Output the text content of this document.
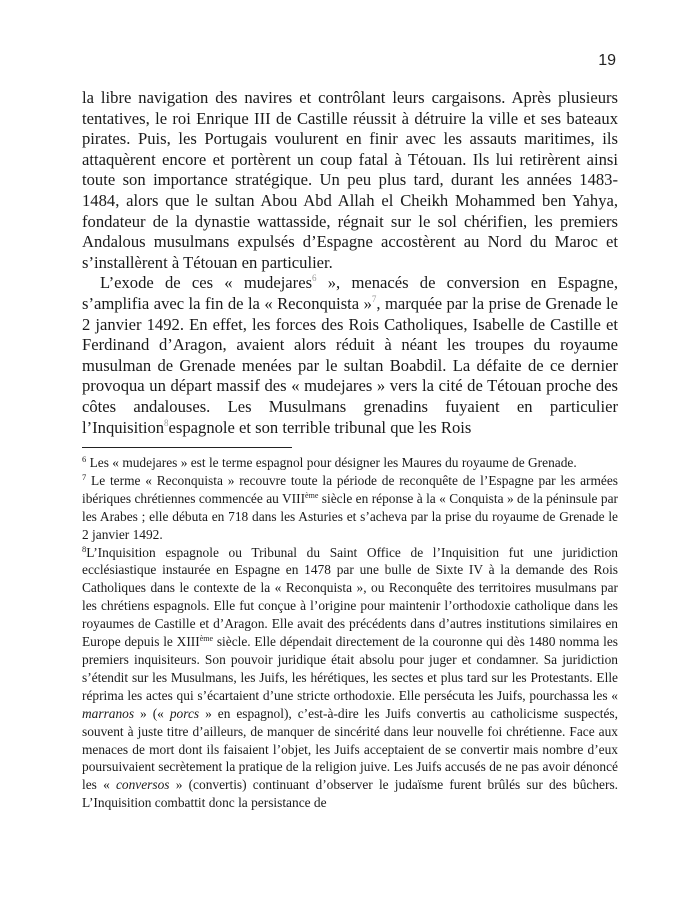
19

la libre navigation des navires et contrôlant leurs cargaisons. Après plusieurs tentatives, le roi Enrique III de Castille réussit à détruire la ville et ses bateaux pirates. Puis, les Portugais voulurent en finir avec les assauts maritimes, ils attaquèrent encore et portèrent un coup fatal à Tétouan. Ils lui retirèrent ainsi toute son importance stratégique. Un peu plus tard, durant les années 1483-1484, alors que le sultan Abou Abd Allah el Cheikh Mohammed ben Yahya, fondateur de la dynastie wattasside, régnait sur le sol chérifien, les premiers Andalous musulmans expulsés d’Espagne accostèrent au Nord du Maroc et s’installèrent à Tétouan en particulier.

L’exode de ces « mudejares$^6$ », menacés de conversion en Espagne, s’amplifia avec la fin de la « Reconquista »$^7$, marquée par la prise de Grenade le 2 janvier 1492. En effet, les forces des Rois Catholiques, Isabelle de Castille et Ferdinand d’Aragon, avaient alors réduit à néant les troupes du royaume musulman de Grenade menées par le sultan Boabdil. La défaite de ce dernier provoqua un départ massif des « mudejares » vers la cité de Tétouan proche des côtes andalouses. Les Musulmans grenadins fuyaient en particulier l’Inquisition$^8$espagnole et son terrible tribunal que les Rois

$^6$ Les « mudejares » est le terme espagnol pour désigner les Maures du royaume de Grenade.

$^7$ Le terme « Reconquista » recouvre toute la période de reconquête de l’Espagne par les armées ibériques chrétiennes commencée au VIIIème siècle en réponse à la « Conquista » de la péninsule par les Arabes ; elle débuta en 718 dans les Asturies et s’acheva par la prise du royaume de Grenade le 2 janvier 1492.

$^8$L’Inquisition espagnole ou Tribunal du Saint Office de l’Inquisition fut une juridiction ecclésiastique instaurée en Espagne en 1478 par une bulle de Sixte IV à la demande des Rois Catholiques dans le contexte de la « Reconquista », ou Reconquête des territoires musulmans par les chrétiens espagnols. Elle fut conçue à l’origine pour maintenir l’orthodoxie catholique dans les royaumes de Castille et d’Aragon. Elle avait des précédents dans d’autres institutions similaires en Europe depuis le XIIIème siècle. Elle dépendait directement de la couronne qui dès 1480 nomma les premiers inquisiteurs. Son pouvoir juridique était absolu pour juger et condamner. Sa juridiction s’étendit sur les Musulmans, les Juifs, les hérétiques, les sectes et plus tard sur les Protestants. Elle réprima les actes qui s’écartaient d’une stricte orthodoxie. Elle persécuta les Juifs, pourchassa les « marranos » (« porcs » en espagnol), c’est-à-dire les Juifs convertis au catholicisme suspectés, souvent à juste titre d’ailleurs, de manquer de sincérité dans leur nouvelle foi chrétienne. Face aux menaces de mort dont ils faisaient l’objet, les Juifs acceptaient de se convertir mais nombre d’eux poursuivaient secrètement la pratique de la religion juive. Les Juifs accusés de ne pas avoir dénoncé les « conversos » (convertis) continuant d’observer le judaïsme furent brûlés sur des bûchers. L’Inquisition combattit donc la persistance de
